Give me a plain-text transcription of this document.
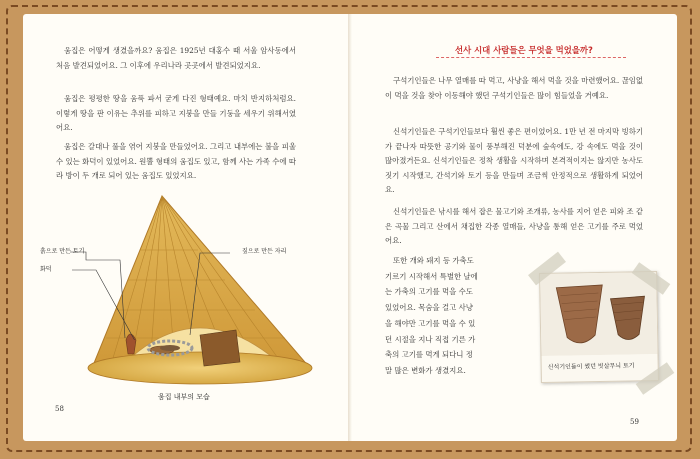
움집은 어떻게 생겼을까요? 움집은 1925년 대홍수 때 서울 암사동에서 처음 발견되었어요. 그 이후에 우리나라 곳곳에서 발견되었지요.

움집은 평평한 땅을 움푹 파서 굳게 다진 형태예요. 마치 반지하처럼요. 이렇게 땅을 판 이유는 추위를 피하고 지붕을 만들 기둥을 세우기 위해서였어요.

움집은 갈대나 풀을 엮어 지붕을 만들었어요. 그리고 내부에는 불을 피울 수 있는 화덕이 있었어요. 원뿔 형태의 움집도 있고, 함께 사는 가족 수에 따라 방이 두 개로 되어 있는 움집도 있었지요.

흙으로 만든 토기
화덕
짚으로 만든 자리
움집 내부의 모습
58
선사 시대 사람들은 무엇을 먹었을까?

구석기인들은 나무 열매를 따 먹고, 사냥을 해서 먹을 것을 마련했어요. 끊임없이 먹을 것을 찾아 이동해야 했던 구석기인들은 많이 힘들었을 거예요.

신석기인들은 구석기인들보다 훨씬 좋은 편이었어요. 1만 년 전 마지막 빙하기가 끝나자 따뜻한 공기와 물이 풍부해진 덕분에 숲속에도, 강 속에도 먹을 것이 많아졌거든요. 신석기인들은 정착 생활을 시작하며 본격적이지는 않지만 농사도 짓기 시작했고, 간석기와 토기 등을 만들며 조금씩 안정적으로 생활하게 되었어요.

신석기인들은 낚시를 해서 잡은 물고기와 조개류, 농사를 지어 얻은 피와 조 같은 곡물 그리고 산에서 채집한 각종 열매들, 사냥을 통해 얻은 고기를 주로 먹었어요.

또한 개와 돼지 등 가축도
기르기 시작해서 특별한 날에
는 가축의 고기를 먹을 수도
있었어요. 목숨을 걸고 사냥
을 해야만 고기를 먹을 수 있
던 시절을 지나 직접 기른 가
축의 고기를 먹게 되다니 정
말 많은 변화가 생겼지요.	신석기인들이 썼던 빗살무늬 토기
59
